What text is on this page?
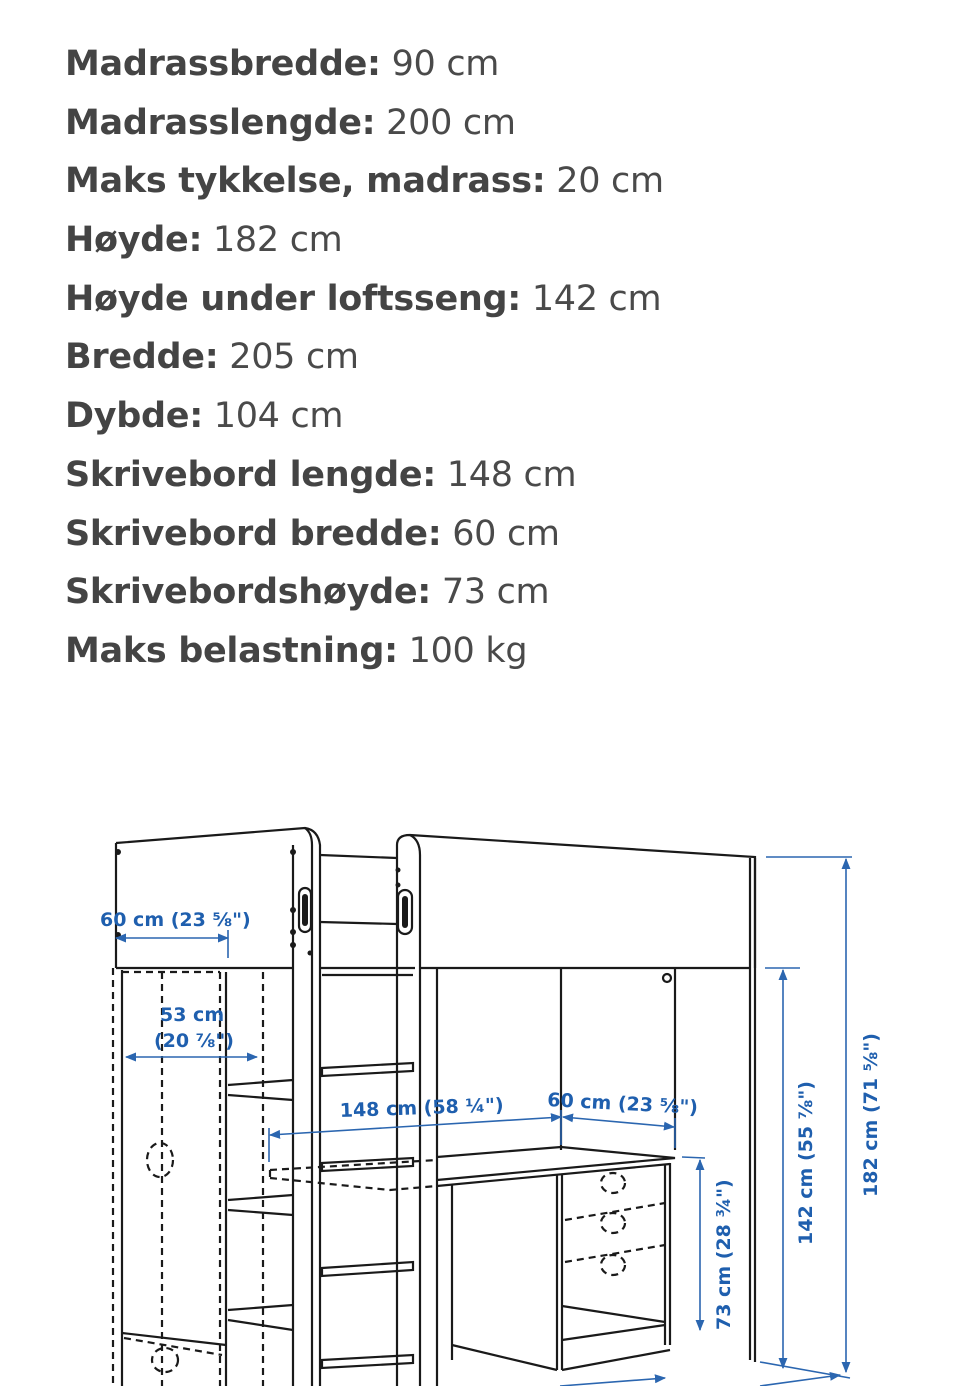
Madrassbredde: 90 cm
Madrasslengde: 200 cm
Maks tykkelse, madrass: 20 cm
Høyde: 182 cm
Høyde under loftsseng: 142 cm
Bredde: 205 cm
Dybde: 104 cm
Skrivebord lengde: 148 cm
Skrivebord bredde: 60 cm
Skrivebordshøyde: 73 cm
Maks belastning: 100 kg
60 cm (23 ⅝")
53 cm
(20 ⅞")
148 cm (58 ¼") 60 cm (23 ⅝")
73 cm (28 ¾")
142 cm (55 ⅞") 182 cm (71 ⅝")
